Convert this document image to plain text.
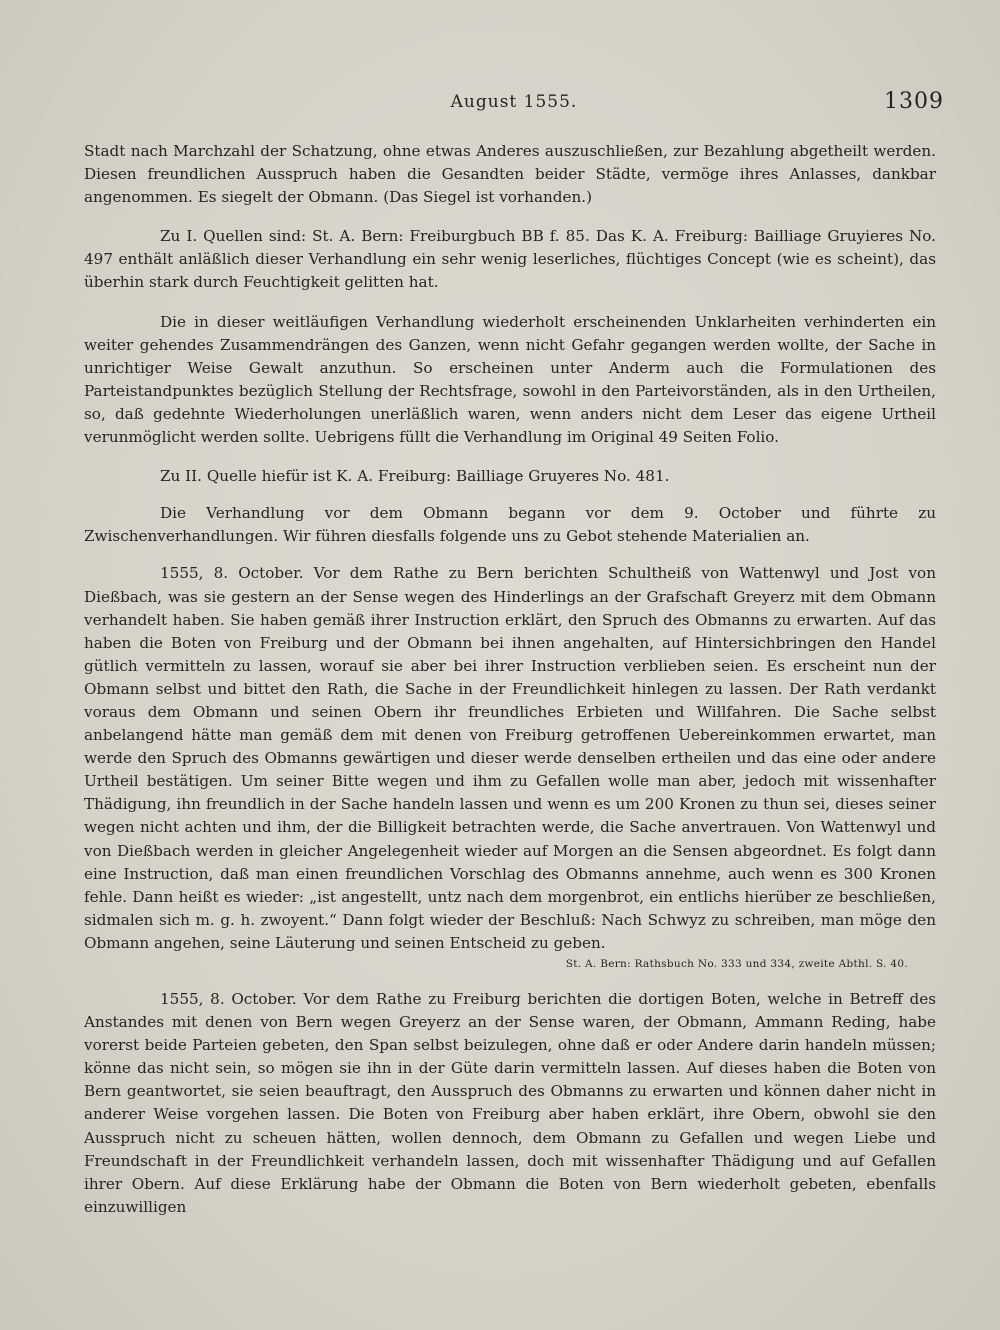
August 1555.	1309

Stadt nach Marchzahl der Schatzung, ohne etwas Anderes auszuschließen, zur Bezahlung abgetheilt werden. Diesen freundlichen Ausspruch haben die Gesandten beider Städte, vermöge ihres Anlasses, dankbar angenommen. Es siegelt der Obmann. (Das Siegel ist vorhanden.)

Zu I. Quellen sind: St. A. Bern: Freiburgbuch BB f. 85. Das K. A. Freiburg: Bailliage Gruyieres No. 497 enthält anläßlich dieser Verhandlung ein sehr wenig leserliches, flüchtiges Concept (wie es scheint), das überhin stark durch Feuchtigkeit gelitten hat.

Die in dieser weitläufigen Verhandlung wiederholt erscheinenden Unklarheiten verhinderten ein weiter gehendes Zusammendrängen des Ganzen, wenn nicht Gefahr gegangen werden wollte, der Sache in unrichtiger Weise Gewalt anzuthun. So erscheinen unter Anderm auch die Formulationen des Parteistandpunktes bezüglich Stellung der Rechtsfrage, sowohl in den Parteivorständen, als in den Urtheilen, so, daß gedehnte Wiederholungen unerläßlich waren, wenn anders nicht dem Leser das eigene Urtheil verunmöglicht werden sollte. Uebrigens füllt die Verhandlung im Original 49 Seiten Folio.

Zu II. Quelle hiefür ist K. A. Freiburg: Bailliage Gruyeres No. 481.

Die Verhandlung vor dem Obmann begann vor dem 9. October und führte zu Zwischenverhandlungen. Wir führen diesfalls folgende uns zu Gebot stehende Materialien an.

1555, 8. October. Vor dem Rathe zu Bern berichten Schultheiß von Wattenwyl und Jost von Dießbach, was sie gestern an der Sense wegen des Hinderlings an der Grafschaft Greyerz mit dem Obmann verhandelt haben. Sie haben gemäß ihrer Instruction erklärt, den Spruch des Obmanns zu erwarten. Auf das haben die Boten von Freiburg und der Obmann bei ihnen angehalten, auf Hintersichbringen den Handel gütlich vermitteln zu lassen, worauf sie aber bei ihrer Instruction verblieben seien. Es erscheint nun der Obmann selbst und bittet den Rath, die Sache in der Freundlichkeit hinlegen zu lassen. Der Rath verdankt voraus dem Obmann und seinen Obern ihr freundliches Erbieten und Willfahren. Die Sache selbst anbelangend hätte man gemäß dem mit denen von Freiburg getroffenen Uebereinkommen erwartet, man werde den Spruch des Obmanns gewärtigen und dieser werde denselben ertheilen und das eine oder andere Urtheil bestätigen. Um seiner Bitte wegen und ihm zu Gefallen wolle man aber, jedoch mit wissenhafter Thädigung, ihn freundlich in der Sache handeln lassen und wenn es um 200 Kronen zu thun sei, dieses seiner wegen nicht achten und ihm, der die Billigkeit betrachten werde, die Sache anvertrauen. Von Wattenwyl und von Dießbach werden in gleicher Angelegenheit wieder auf Morgen an die Sensen abgeordnet. Es folgt dann eine Instruction, daß man einen freundlichen Vorschlag des Obmanns annehme, auch wenn es 300 Kronen fehle. Dann heißt es wieder: „ist angestellt, untz nach dem morgenbrot, ein entlichs hierüber ze beschließen, sidmalen sich m. g. h. zwoyent.“ Dann folgt wieder der Beschluß: Nach Schwyz zu schreiben, man möge den Obmann angehen, seine Läuterung und seinen Entscheid zu geben.

St. A. Bern: Rathsbuch No. 333 und 334, zweite Abthl. S. 40.

1555, 8. October. Vor dem Rathe zu Freiburg berichten die dortigen Boten, welche in Betreff des Anstandes mit denen von Bern wegen Greyerz an der Sense waren, der Obmann, Ammann Reding, habe vorerst beide Parteien gebeten, den Span selbst beizulegen, ohne daß er oder Andere darin handeln müssen; könne das nicht sein, so mögen sie ihn in der Güte darin vermitteln lassen. Auf dieses haben die Boten von Bern geantwortet, sie seien beauftragt, den Ausspruch des Obmanns zu erwarten und können daher nicht in anderer Weise vorgehen lassen. Die Boten von Freiburg aber haben erklärt, ihre Obern, obwohl sie den Ausspruch nicht zu scheuen hätten, wollen dennoch, dem Obmann zu Gefallen und wegen Liebe und Freundschaft in der Freundlichkeit verhandeln lassen, doch mit wissenhafter Thädigung und auf Gefallen ihrer Obern. Auf diese Erklärung habe der Obmann die Boten von Bern wiederholt gebeten, ebenfalls einzuwilligen
